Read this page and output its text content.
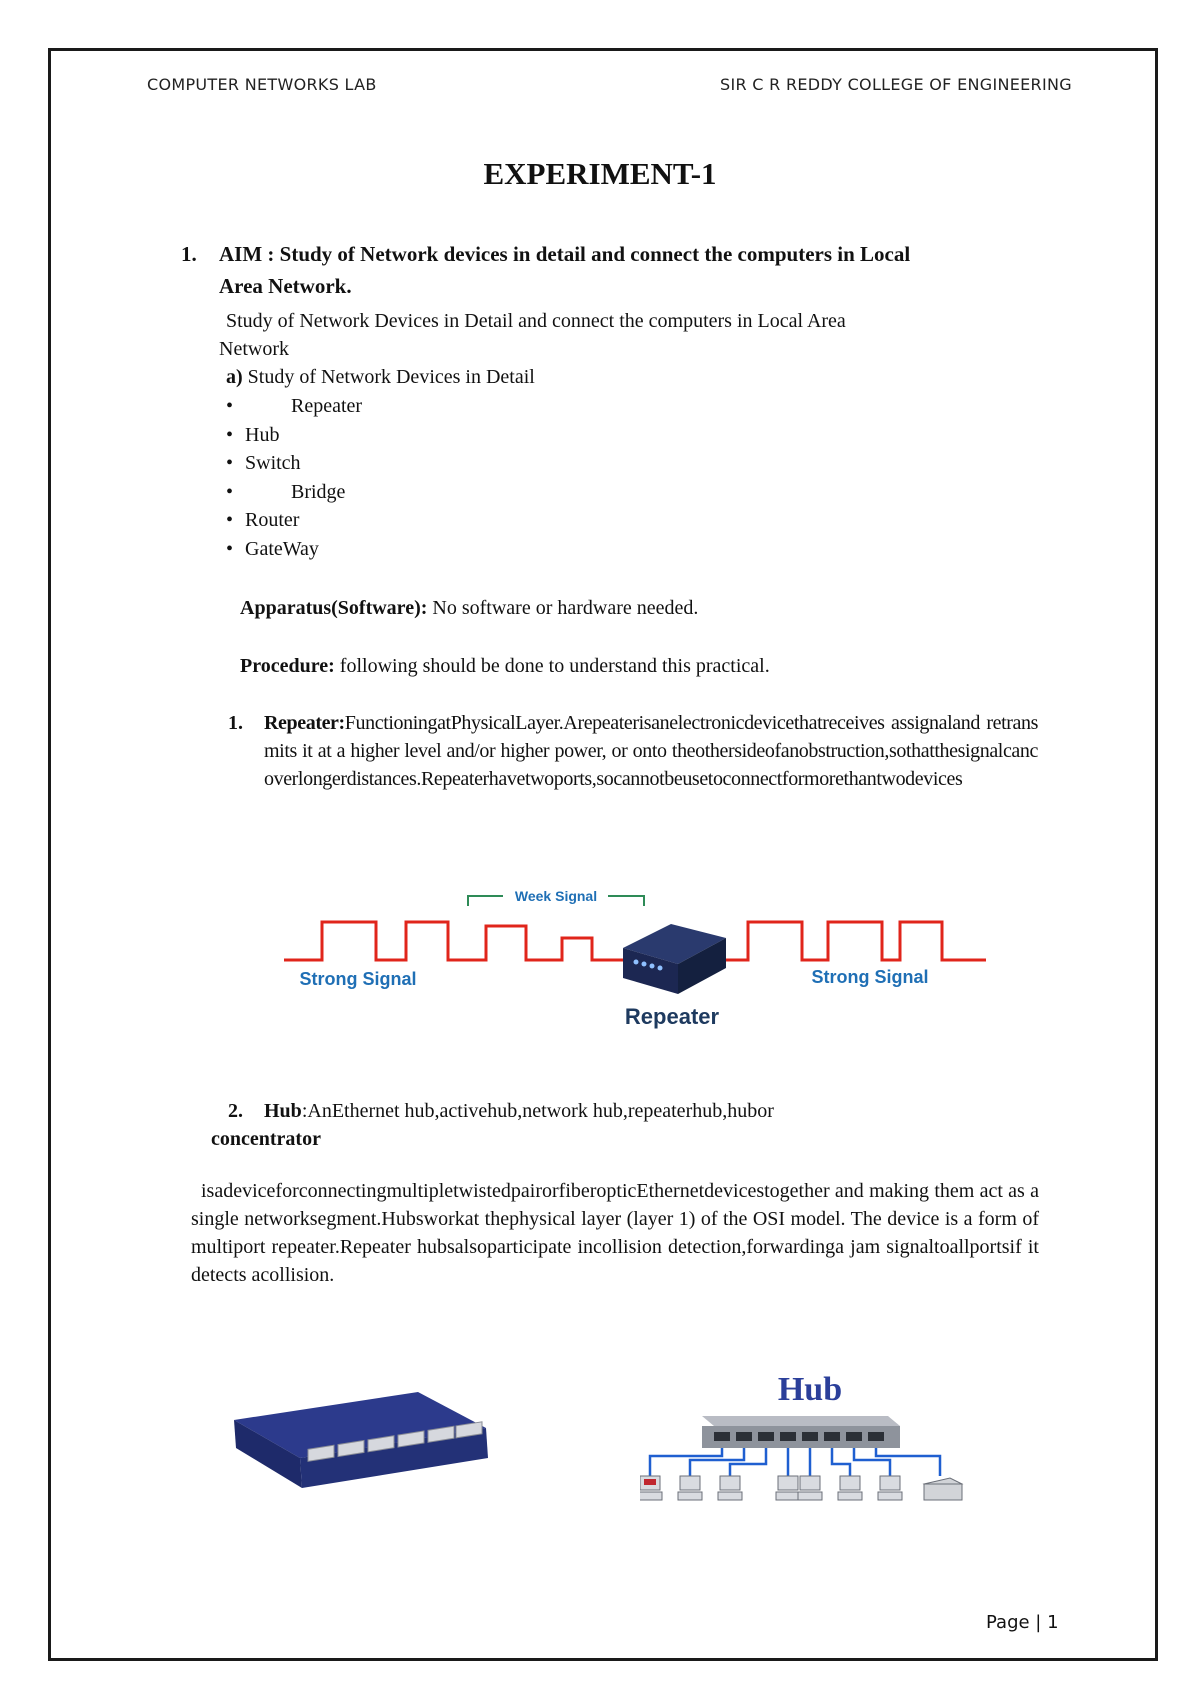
COMPUTER NETWORKS LAB	SIR C R REDDY COLLEGE OF ENGINEERING
EXPERIMENT-1
1. AIM : Study of Network devices in detail and connect the computers in Local
Area Network.
Study of Network Devices in Detail and connect the computers in Local Area
Network
a) Study of Network Devices in Detail
•	Repeater
• Hub
• Switch
•	Bridge
• Router
• GateWay
Apparatus(Software): No software or hardware needed.
Procedure: following should be done to understand this practical.
1. Repeater:FunctioningatPhysicalLayer.Arepeaterisanelectronicdevicethatreceives assignaland retransmits it at a higher level and/or higher power, or onto theothersideofanobstruction,sothatthesignalcancoverlongerdistances.Repeaterhavetwoports,socannotbeusetoconnectformorethantwodevices
Week Signal
Strong Signal	Strong Signal
Repeater
2. Hub:AnEthernet hub,activehub,network hub,repeaterhub,hubor
concentrator
isadeviceforconnectingmultipletwistedpairorfiberopticEthernetdevicestogether and making them act as a single networksegment.Hubsworkat thephysical layer (layer 1) of the OSI model. The device is a form of multiport repeater.Repeater hubsalsoparticipate incollision detection,forwardinga jam signaltoallportsif it detects acollision.
Hub
Page | 1
